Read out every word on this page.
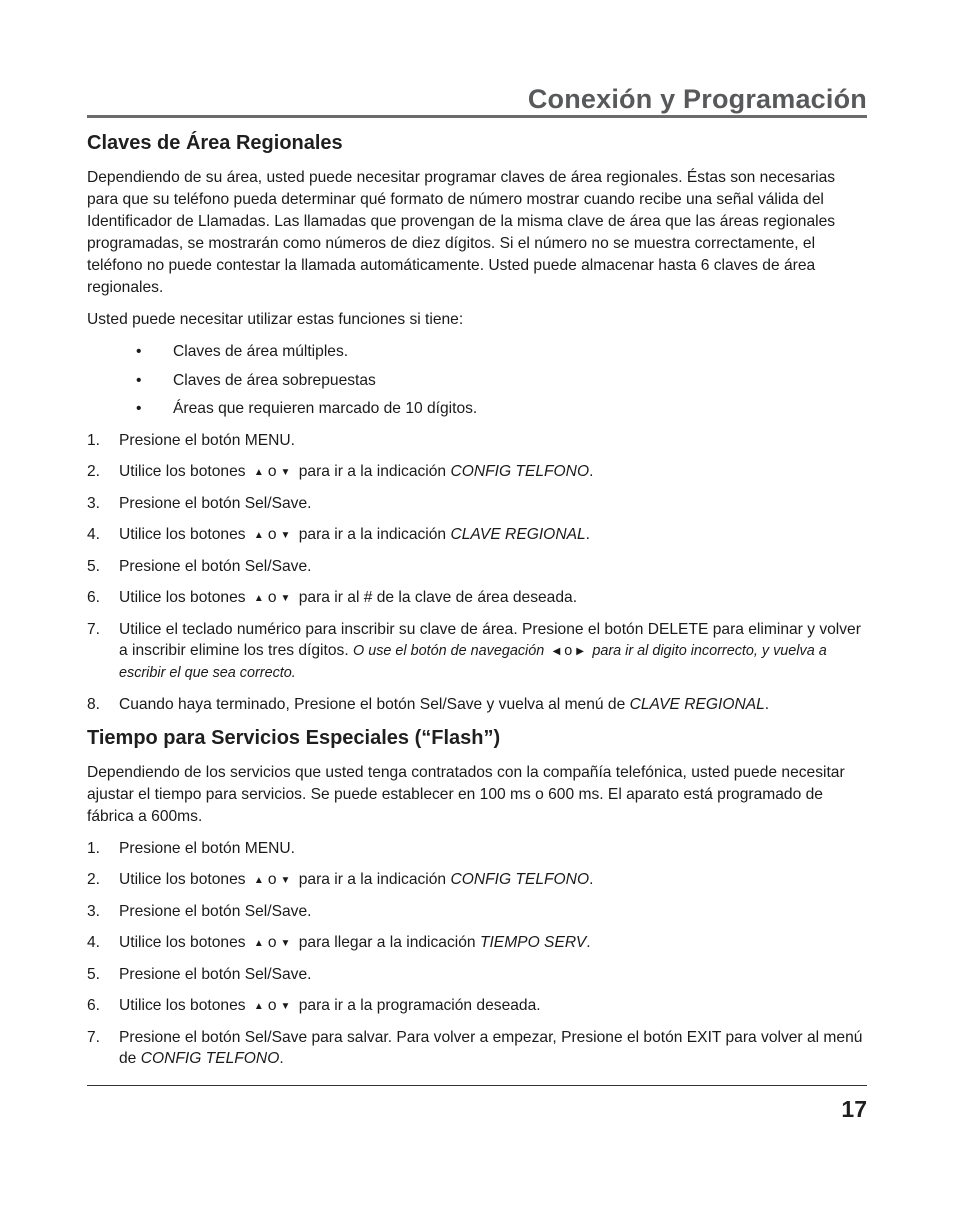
Conexión y Programación
Claves de Área Regionales

Dependiendo de su área, usted puede necesitar programar claves de área regionales. Éstas son necesarias para que su teléfono pueda determinar qué formato de número mostrar cuando recibe una señal válida del Identificador de Llamadas. Las llamadas que provengan de la misma clave de área que las áreas regionales programadas, se mostrarán como números de diez dígitos. Si el número no se muestra correctamente, el teléfono no puede contestar la llamada automáticamente. Usted puede almacenar hasta 6 claves de área regionales.

Usted puede necesitar utilizar estas funciones si tiene:

• Claves de área múltiples.
• Claves de área sobrepuestas
• Áreas que requieren marcado de 10 dígitos.
1. Presione el botón MENU.
2. Utilice los botones ▲ o ▼ para ir a la indicación CONFIG TELFONO.
3. Presione el botón Sel/Save.
4. Utilice los botones ▲ o ▼ para ir a la indicación CLAVE REGIONAL.
5. Presione el botón Sel/Save.
6. Utilice los botones ▲ o ▼ para ir al # de la clave de área deseada.
7. Utilice el teclado numérico para inscribir su clave de área. Presione el botón DELETE para eliminar y volver a inscribir elimine los tres dígitos. O use el botón de navegación ◀ o ▶ para ir al digito incorrecto, y vuelva a escribir el que sea correcto.
8. Cuando haya terminado, Presione el botón Sel/Save y vuelva al menú de CLAVE REGIONAL.
Tiempo para Servicios Especiales (“Flash”)

Dependiendo de los servicios que usted tenga contratados con la compañía telefónica, usted puede necesitar ajustar el tiempo para servicios. Se puede establecer en 100 ms o 600 ms. El aparato está programado de fábrica a 600ms.

1. Presione el botón MENU.
2. Utilice los botones ▲ o ▼ para ir a la indicación CONFIG TELFONO.
3. Presione el botón Sel/Save.
4. Utilice los botones ▲ o ▼ para llegar a la indicación TIEMPO SERV.
5. Presione el botón Sel/Save.
6. Utilice los botones ▲ o ▼ para ir a la programación deseada.
7. Presione el botón Sel/Save para salvar. Para volver a empezar, Presione el botón EXIT para volver al menú de CONFIG TELFONO.
17
